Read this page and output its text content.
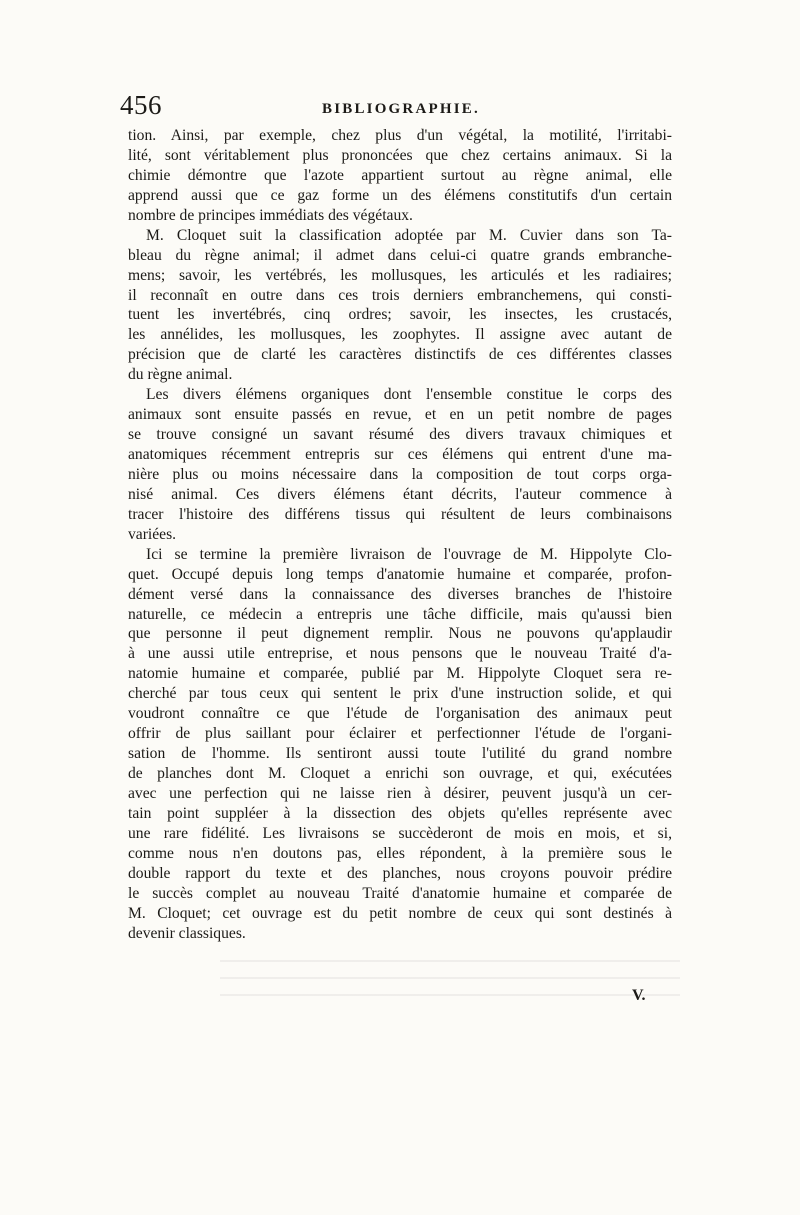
456	BIBLIOGRAPHIE.
tion. Ainsi, par exemple, chez plus d'un végétal, la motilité, l'irritabi-
lité, sont véritablement plus prononcées que chez certains animaux. Si la
chimie démontre que l'azote appartient surtout au règne animal, elle
apprend aussi que ce gaz forme un des élémens constitutifs d'un certain
nombre de principes immédiats des végétaux.
M. Cloquet suit la classification adoptée par M. Cuvier dans son Ta-
bleau du règne animal; il admet dans celui-ci quatre grands embranche-
mens; savoir, les vertébrés, les mollusques, les articulés et les radiaires;
il reconnaît en outre dans ces trois derniers embranchemens, qui consti-
tuent les invertébrés, cinq ordres; savoir, les insectes, les crustacés,
les annélides, les mollusques, les zoophytes. Il assigne avec autant de
précision que de clarté les caractères distinctifs de ces différentes classes
du règne animal.
Les divers élémens organiques dont l'ensemble constitue le corps des
animaux sont ensuite passés en revue, et en un petit nombre de pages
se trouve consigné un savant résumé des divers travaux chimiques et
anatomiques récemment entrepris sur ces élémens qui entrent d'une ma-
nière plus ou moins nécessaire dans la composition de tout corps orga-
nisé animal. Ces divers élémens étant décrits, l'auteur commence à
tracer l'histoire des différens tissus qui résultent de leurs combinaisons
variées.
Ici se termine la première livraison de l'ouvrage de M. Hippolyte Clo-
quet. Occupé depuis long temps d'anatomie humaine et comparée, profon-
dément versé dans la connaissance des diverses branches de l'histoire
naturelle, ce médecin a entrepris une tâche difficile, mais qu'aussi bien
que personne il peut dignement remplir. Nous ne pouvons qu'applaudir
à une aussi utile entreprise, et nous pensons que le nouveau Traité d'a-
natomie humaine et comparée, publié par M. Hippolyte Cloquet sera re-
cherché par tous ceux qui sentent le prix d'une instruction solide, et qui
voudront connaître ce que l'étude de l'organisation des animaux peut
offrir de plus saillant pour éclairer et perfectionner l'étude de l'organi-
sation de l'homme. Ils sentiront aussi toute l'utilité du grand nombre
de planches dont M. Cloquet a enrichi son ouvrage, et qui, exécutées
avec une perfection qui ne laisse rien à désirer, peuvent jusqu'à un cer-
tain point suppléer à la dissection des objets qu'elles représente avec
une rare fidélité. Les livraisons se succèderont de mois en mois, et si,
comme nous n'en doutons pas, elles répondent, à la première sous le
double rapport du texte et des planches, nous croyons pouvoir prédire
le succès complet au nouveau Traité d'anatomie humaine et comparée de
M. Cloquet; cet ouvrage est du petit nombre de ceux qui sont destinés à
devenir classiques.
V.
